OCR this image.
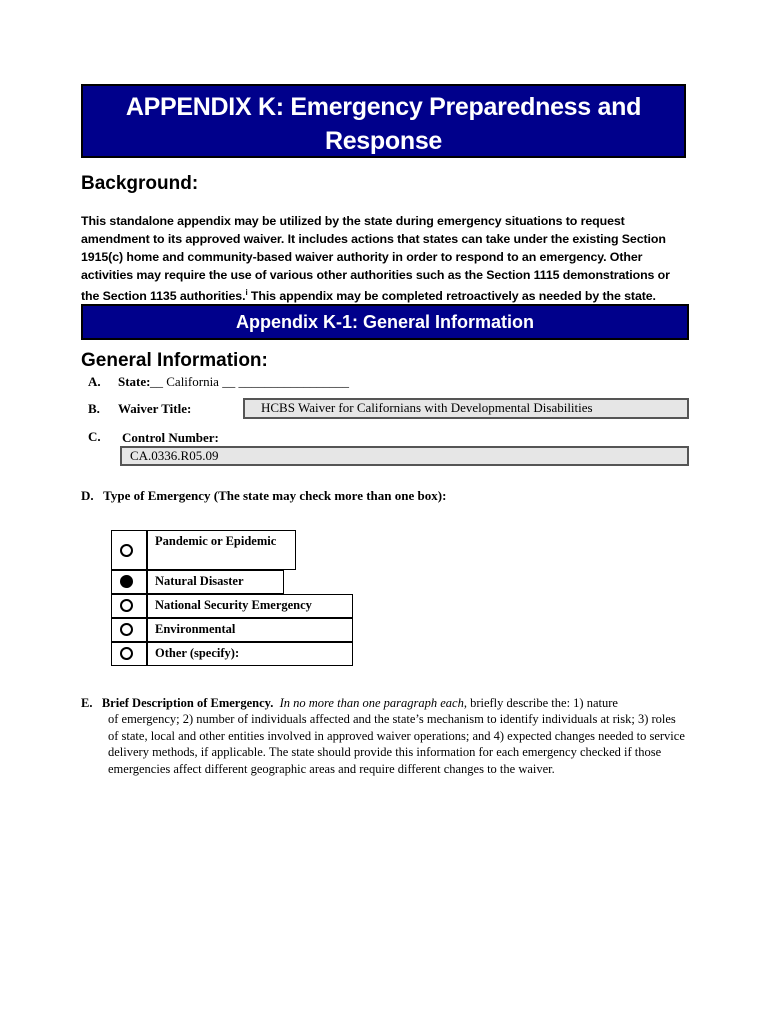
APPENDIX K: Emergency Preparedness and Response
Background:
This standalone appendix may be utilized by the state during emergency situations to request amendment to its approved waiver. It includes actions that states can take under the existing Section 1915(c) home and community-based waiver authority in order to respond to an emergency. Other activities may require the use of various other authorities such as the Section 1115 demonstrations or the Section 1135 authorities.$^i$ This appendix may be completed retroactively as needed by the state.
Appendix K-1: General Information
General Information:
A. State: __ California __ _________________
B. Waiver Title:	HCBS Waiver for Californians with Developmental Disabilities
C. Control Number:
CA.0336.R05.09
D.   Type of Emergency (The state may check more than one box):
Pandemic or Epidemic
Natural Disaster
National Security Emergency
Environmental
Other (specify):
E. Brief Description of Emergency. In no more than one paragraph each, briefly describe the: 1) nature
of emergency; 2) number of individuals affected and the state’s mechanism to identify individuals at risk; 3) roles of state, local and other entities involved in approved waiver operations; and 4) expected changes needed to service delivery methods, if applicable. The state should provide this information for each emergency checked if those emergencies affect different geographic areas and require different changes to the waiver.
